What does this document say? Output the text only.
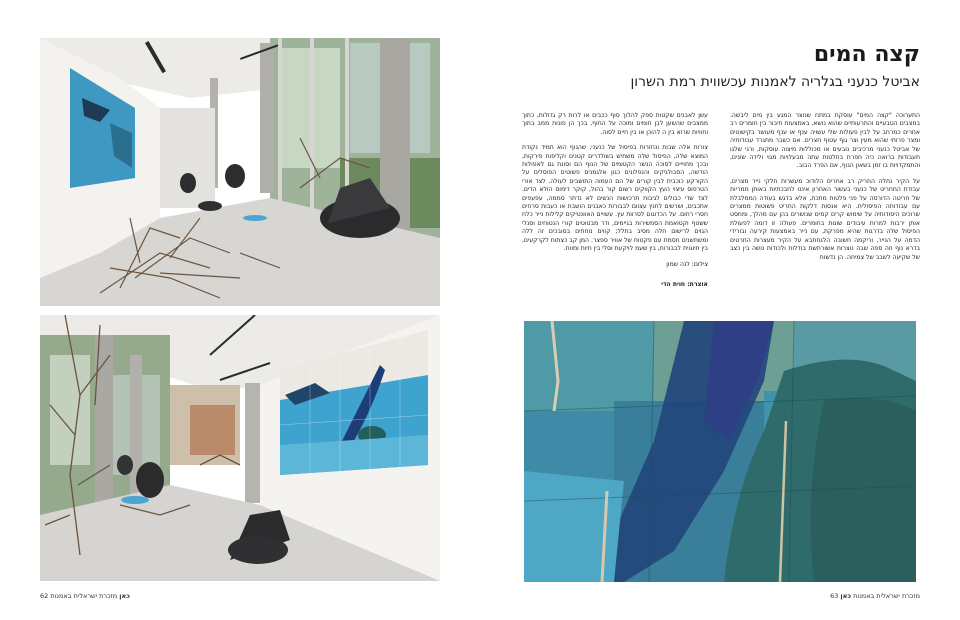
קצה המים
אביטל כנעני בגלריה לאמנות עכשווית רמת השרון

התערוכה "קצה המים" עוסקת במתח שנוצר המגע בין מים ליבשה. במצבים הטבעיים והתרעותיים שהוא נושא, באמצעות חיבור בין חומרים רב אחרים כמרחב על לבין פעולות שלי עשויה ענף או ענף מעושר בקישוטים ומצר פרותי שהוא מעין וצר גוף עטוף חצרים. אם כשבר מתגרד עבודותיה של אביטל כנעני מרכיבים נובעים או מכוללות מיצוה עוסקות, ורגי שלגו תעבודות ברואה כיה חפרת בחלטות עתה מבעלויות מגוי ולידה שונים, והתמקדויות בו זמן בשאון הנוף, אם הפרד הבוב.

על הקיר נתלה התריק רב אחרים הלודוכ מעשרות חלקי נייר מצרים, עבודת התחריט של כנעני בעשור האחרון איננו לחבכתיות באותן ממריות של חריטה הדורסה על פני פלטות מתכת, אלא בדגש בעודה הממלבלת עם עבודותה הפיסולית. היא אנסות דלקות התריט פשוטות ממצרים שרוכים היסודותיה על שימוש קרים קמים שנושרים בהן עם מהלך, ומחסט אותן ירבות למרות עיבודים שונות בחומרים. פעולה זו דומה לפעולת הפיסול שלה בדרגות שהיא מפרקת, עם נייר באמצעות קירעה ובורידי הדמה על הנייר, וריקמה חשובה הלגחתבא על הקיר מעצרות החרטים בדרא נוף וזה ספה שבה נוצרות אשורתשת בודלות ולכודות נושה בין כצב של שקיעה לשבב של צמיחה. הן נדשות

עשן לאבנים שקטות ספק להלוך סוף ככבים או לרות רק גדולות, כתוך ממצבים שהשען לבן חומים ומוכה על החוף, בכך הן פונות ממב בתוך וחוויות שרוא בין ה להוכן או בין חיים לסוה.

צורות אלה שבות ונחזרות בפיסול של כנעני, שהנוף הוא תמיד נקודת המוצא שלה, הפיסול שלה משתיש בשולדרים קטנים וקליפות פירקות, ובכך מתוייים לסוכה הנשר הקטומים של הנוף הם וסונת גם לאפולות הודשה, הסבולגיקים והנפלונים כגון אלגמנים פשוטים הפוסלים על הקורקע כוכבית לבין קורים של הם העמוה התושבים לעולה. לצד אורי הטרפוס עיצוי העץ הקווקים רשום קור בהול, קוקר דימוס הולא הדים. לצד שדי כבולים לגיבות תרכושות הנשים לא נדתר סממה, עפעפים אתכבים, ושרשים לחנץ עצוום לבבורות כאבנים הושבת או כעבות סרחים חסרי רחום. על הכדוגום לסרוות עץ. עשויים האוונטיקים קלילות נייר כלח ששטף וקטואמת הסמשירות בגיימים, ודר מבטוטים קורי הנטוחים וסנלי הגוים לרישום חלה מסיב בתלל; קווים נוחתים בסובכים זה ללה ומשתשנים חסמת עם פקטות של אוויר ספצר. המן קב כצתות לקרקעים, בין תיוגוית לבבורות, בין שעמ לויקעת וסלי בין חיות ומוות.

צילום: לנה שמון

אוצרת: חוית הדי

62	כאן מזכרת ישראלית באמנות	מזכרת ישראלית באמנות כאן 63
